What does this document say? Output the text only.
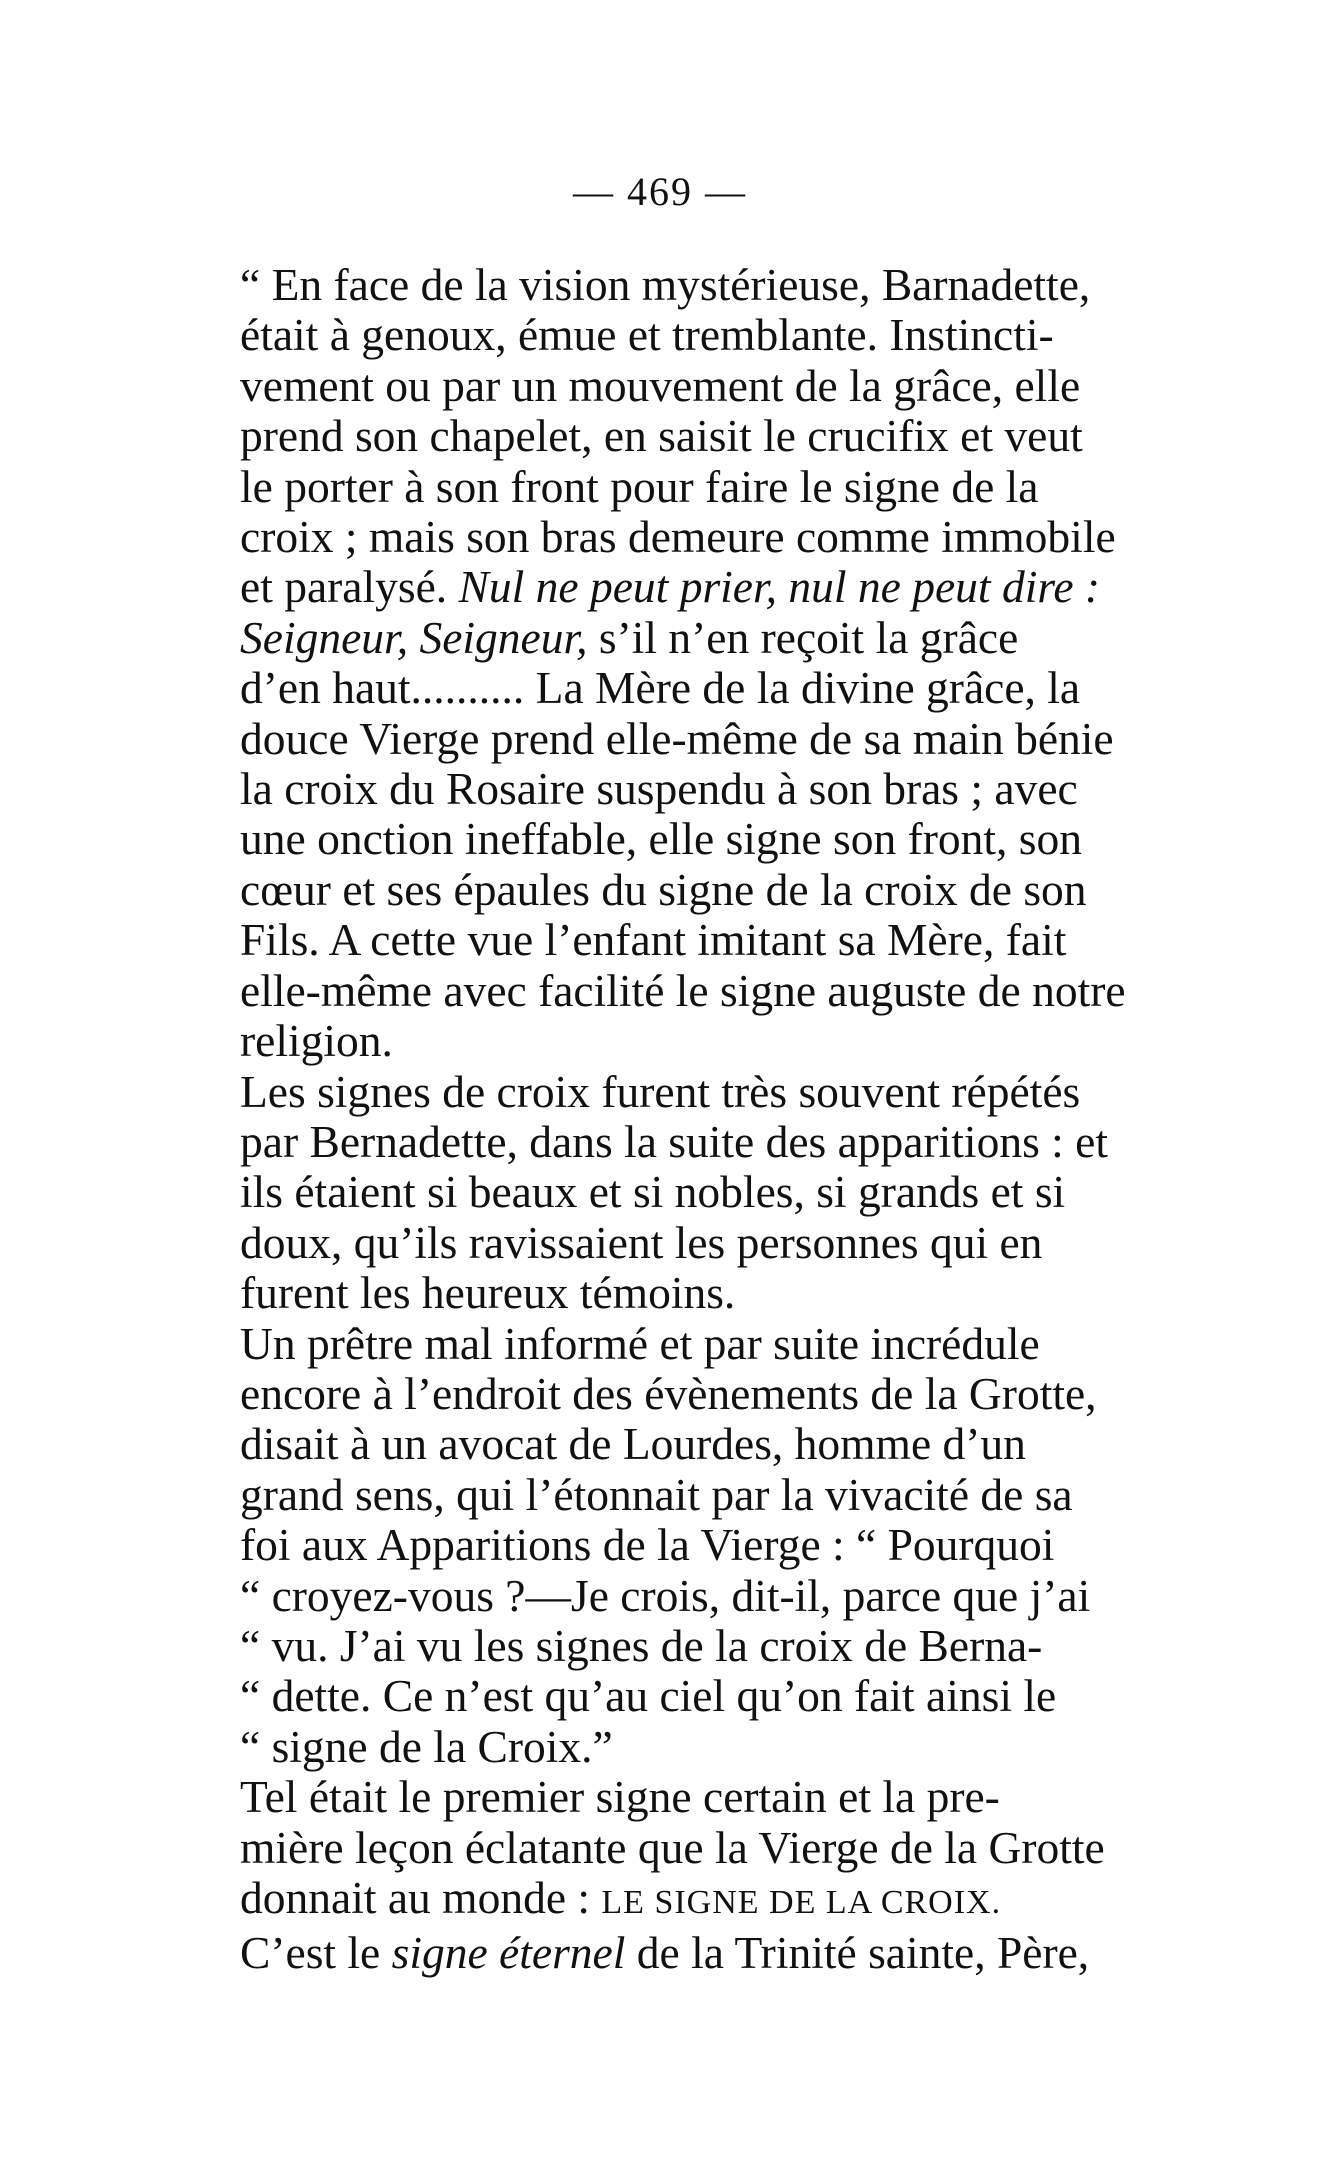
— 469 —
“ En face de la vision mystérieuse, Barnadette,
était à genoux, émue et tremblante. Instincti-
vement ou par un mouvement de la grâce, elle
prend son chapelet, en saisit le crucifix et veut
le porter à son front pour faire le signe de la
croix ; mais son bras demeure comme immobile
et paralysé. Nul ne peut prier, nul ne peut dire :
Seigneur, Seigneur, s’il n’en reçoit la grâce
d’en haut.......... La Mère de la divine grâce, la
douce Vierge prend elle-même de sa main bénie
la croix du Rosaire suspendu à son bras ; avec
une onction ineffable, elle signe son front, son
cœur et ses épaules du signe de la croix de son
Fils. A cette vue l’enfant imitant sa Mère, fait
elle-même avec facilité le signe auguste de notre
religion.
Les signes de croix furent très souvent répétés
par Bernadette, dans la suite des apparitions : et
ils étaient si beaux et si nobles, si grands et si
doux, qu’ils ravissaient les personnes qui en
furent les heureux témoins.
Un prêtre mal informé et par suite incrédule
encore à l’endroit des évènements de la Grotte,
disait à un avocat de Lourdes, homme d’un
grand sens, qui l’étonnait par la vivacité de sa
foi aux Apparitions de la Vierge : “ Pourquoi
“ croyez-vous ?—Je crois, dit-il, parce que j’ai
“ vu. J’ai vu les signes de la croix de Berna-
“ dette. Ce n’est qu’au ciel qu’on fait ainsi le
“ signe de la Croix.”
Tel était le premier signe certain et la pre-
mière leçon éclatante que la Vierge de la Grotte
donnait au monde : LE SIGNE DE LA CROIX.
C’est le signe éternel de la Trinité sainte, Père,
